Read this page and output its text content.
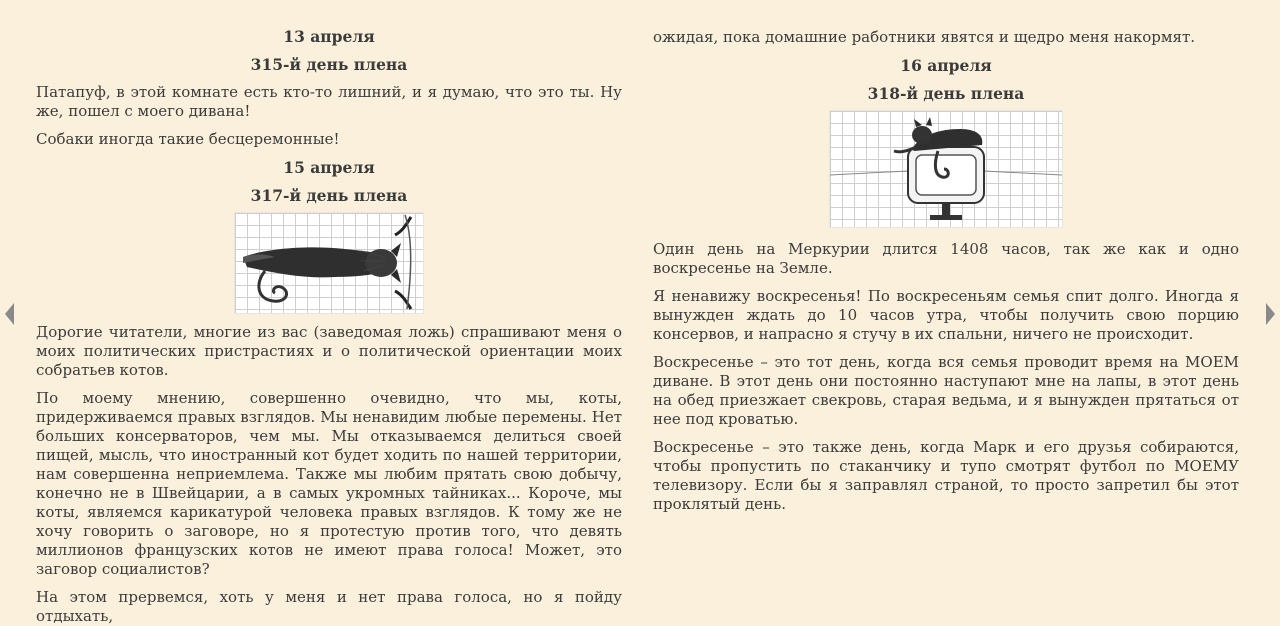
13 апреля
315-й день плена

Патапуф, в этой комнате есть кто-то лишний, и я думаю, что это ты. Ну же, пошел с моего дивана!

Собаки иногда такие бесцеремонные!

15 апреля
317-й день плена

Дорогие читатели, многие из вас (заведомая ложь) спрашивают меня о моих политических пристрастиях и о политической ориентации моих собратьев котов.

По моему мнению, совершенно очевидно, что мы, коты, придерживаемся правых взглядов. Мы ненавидим любые перемены. Нет больших консерваторов, чем мы. Мы отказываемся делиться своей пищей, мысль, что иностранный кот будет ходить по нашей территории, нам совершенна неприемлема. Также мы любим прятать свою добычу, конечно не в Швейцарии, а в самых укромных тайниках... Короче, мы коты, являемся карикатурой человека правых взглядов. К тому же не хочу говорить о заговоре, но я протестую против того, что девять миллионов французских котов не имеют права голоса! Может, это заговор социалистов?

На этом прервемся, хоть у меня и нет права голоса, но я пойду отдыхать,

ожидая, пока домашние работники явятся и щедро меня накормят.

16 апреля
318-й день плена

Один день на Меркурии длится 1408 часов, так же как и одно воскресенье на Земле.

Я ненавижу воскресенья! По воскресеньям семья спит долго. Иногда я вынужден ждать до 10 часов утра, чтобы получить свою порцию консервов, и напрасно я стучу в их спальни, ничего не происходит.

Воскресенье – это тот день, когда вся семья проводит время на МОЕМ диване. В этот день они постоянно наступают мне на лапы, в этот день на обед приезжает свекровь, старая ведьма, и я вынужден прятаться от нее под кроватью.

Воскресенье – это также день, когда Марк и его друзья собираются, чтобы пропустить по стаканчику и тупо смотрят футбол по МОЕМУ телевизору. Если бы я заправлял страной, то просто запретил бы этот проклятый день.
